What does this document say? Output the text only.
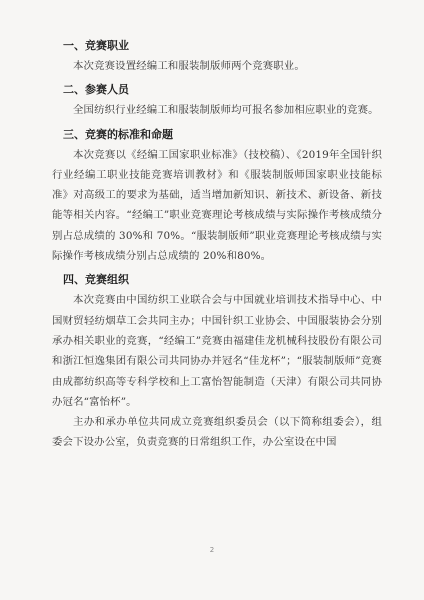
一、竞赛职业

本次竞赛设置经编工和服装制版师两个竞赛职业。

二、参赛人员

全国纺织行业经编工和服装制版师均可报名参加相应职业的竞赛。

三、竞赛的标准和命题

本次竞赛以《经编工国家职业标准》（技校稿）、《2019年全国针织行业经编工职业技能竞赛培训教材》和《服装制版师国家职业技能标准》对高级工的要求为基础，适当增加新知识、新技术、新设备、新技能等相关内容。“经编工”职业竞赛理论考核成绩与实际操作考核成绩分别占总成绩的 30%和 70%。“服装制版师”职业竞赛理论考核成绩与实际操作考核成绩分别占总成绩的 20%和80%。

四、竞赛组织

本次竞赛由中国纺织工业联合会与中国就业培训技术指导中心、中国财贸轻纺烟草工会共同主办；中国针织工业协会、中国服装协会分别承办相关职业的竞赛，“经编工”竞赛由福建佳龙机械科技股份有限公司和浙江恒逸集团有限公司共同协办并冠名“佳龙杯”；“服装制版师”竞赛由成都纺织高等专科学校和上工富怡智能制造（天津）有限公司共同协办冠名“富怡杯”。

主办和承办单位共同成立竞赛组织委员会（以下简称组委会），组委会下设办公室，负责竞赛的日常组织工作，办公室设在中国

2
